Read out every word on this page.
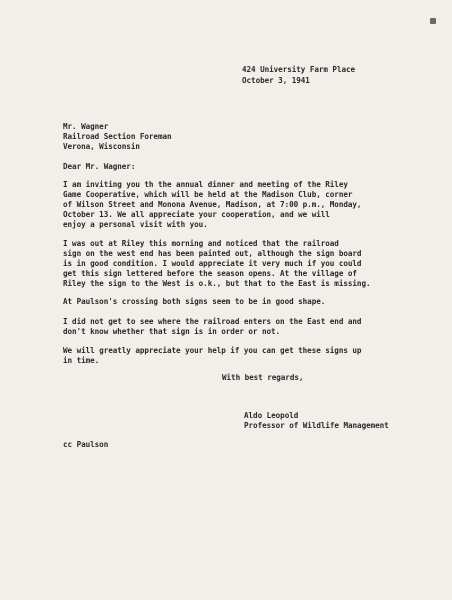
424 University Farm Place
October 3, 1941
Mr. Wagner
Railroad Section Foreman
Verona, Wisconsin
Dear Mr. Wagner:
I am inviting you th the annual dinner and meeting of the Riley
Game Cooperative, which will be held at the Madison Club, corner
of Wilson Street and Monona Avenue, Madison, at 7:00 p.m., Monday,
October 13. We all appreciate your cooperation, and we will
enjoy a personal visit with you.
I was out at Riley this morning and noticed that the railroad
sign on the west end has been painted out, although the sign board
is in good condition. I would appreciate it very much if you could
get this sign lettered before the season opens. At the village of
Riley the sign to the West is o.k., but that to the East is missing.
At Paulson's crossing both signs seem to be in good shape.
I did not get to see where the railroad enters on the East end and
don't know whether that sign is in order or not.
We will greatly appreciate your help if you can get these signs up
in time.
With best regards,
Aldo Leopold
Professor of Wildlife Management
cc Paulson
